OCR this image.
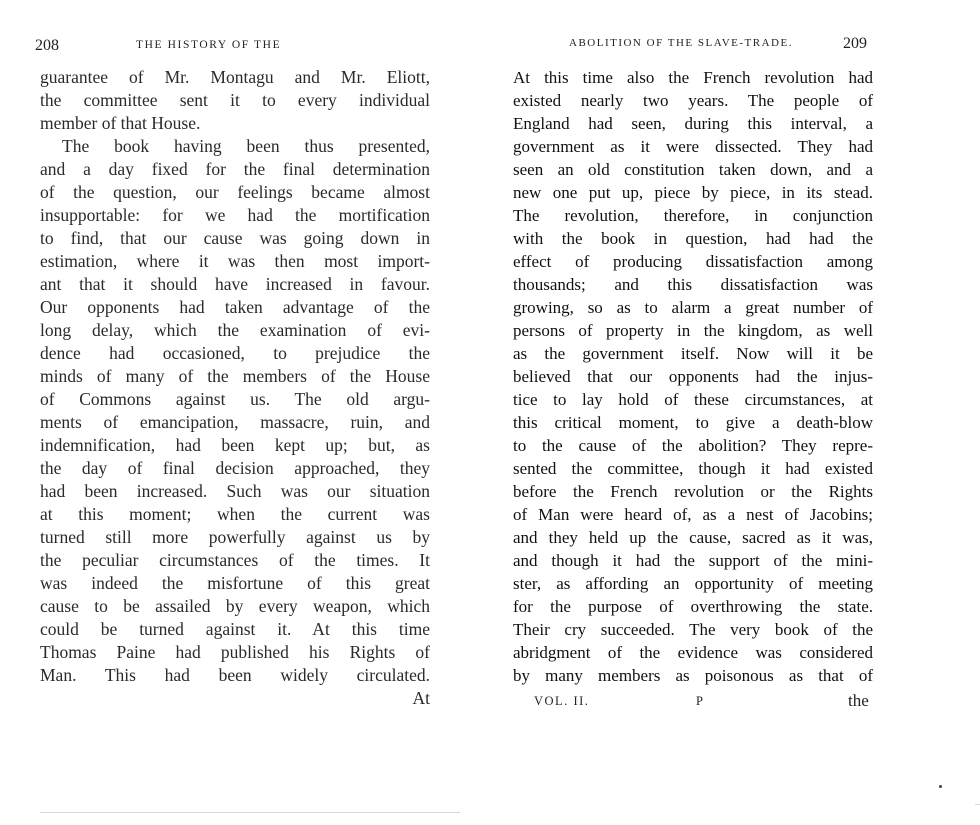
208	THE HISTORY OF THE
guarantee of Mr. Montagu and Mr. Eliott,
the committee sent it to every individual
member of that House.
The book having been thus presented,
and a day fixed for the final determination
of the question, our feelings became almost
insupportable: for we had the mortification
to find, that our cause was going down in
estimation, where it was then most import-
ant that it should have increased in favour.
Our opponents had taken advantage of the
long delay, which the examination of evi-
dence had occasioned, to prejudice the
minds of many of the members of the House
of Commons against us. The old argu-
ments of emancipation, massacre, ruin, and
indemnification, had been kept up; but, as
the day of final decision approached, they
had been increased. Such was our situation
at this moment; when the current was
turned still more powerfully against us by
the peculiar circumstances of the times. It
was indeed the misfortune of this great
cause to be assailed by every weapon, which
could be turned against it. At this time
Thomas Paine had published his Rights of
Man. This had been widely circulated.
At
ABOLITION OF THE SLAVE-TRADE.	209
At this time also the French revolution had
existed nearly two years. The people of
England had seen, during this interval, a
government as it were dissected. They had
seen an old constitution taken down, and a
new one put up, piece by piece, in its stead.
The revolution, therefore, in conjunction
with the book in question, had had the
effect of producing dissatisfaction among
thousands; and this dissatisfaction was
growing, so as to alarm a great number of
persons of property in the kingdom, as well
as the government itself. Now will it be
believed that our opponents had the injus-
tice to lay hold of these circumstances, at
this critical moment, to give a death-blow
to the cause of the abolition? They repre-
sented the committee, though it had existed
before the French revolution or the Rights
of Man were heard of, as a nest of Jacobins;
and they held up the cause, sacred as it was,
and though it had the support of the mini-
ster, as affording an opportunity of meeting
for the purpose of overthrowing the state.
Their cry succeeded. The very book of the
abridgment of the evidence was considered
by many members as poisonous as that of
VOL. II.	P	the
